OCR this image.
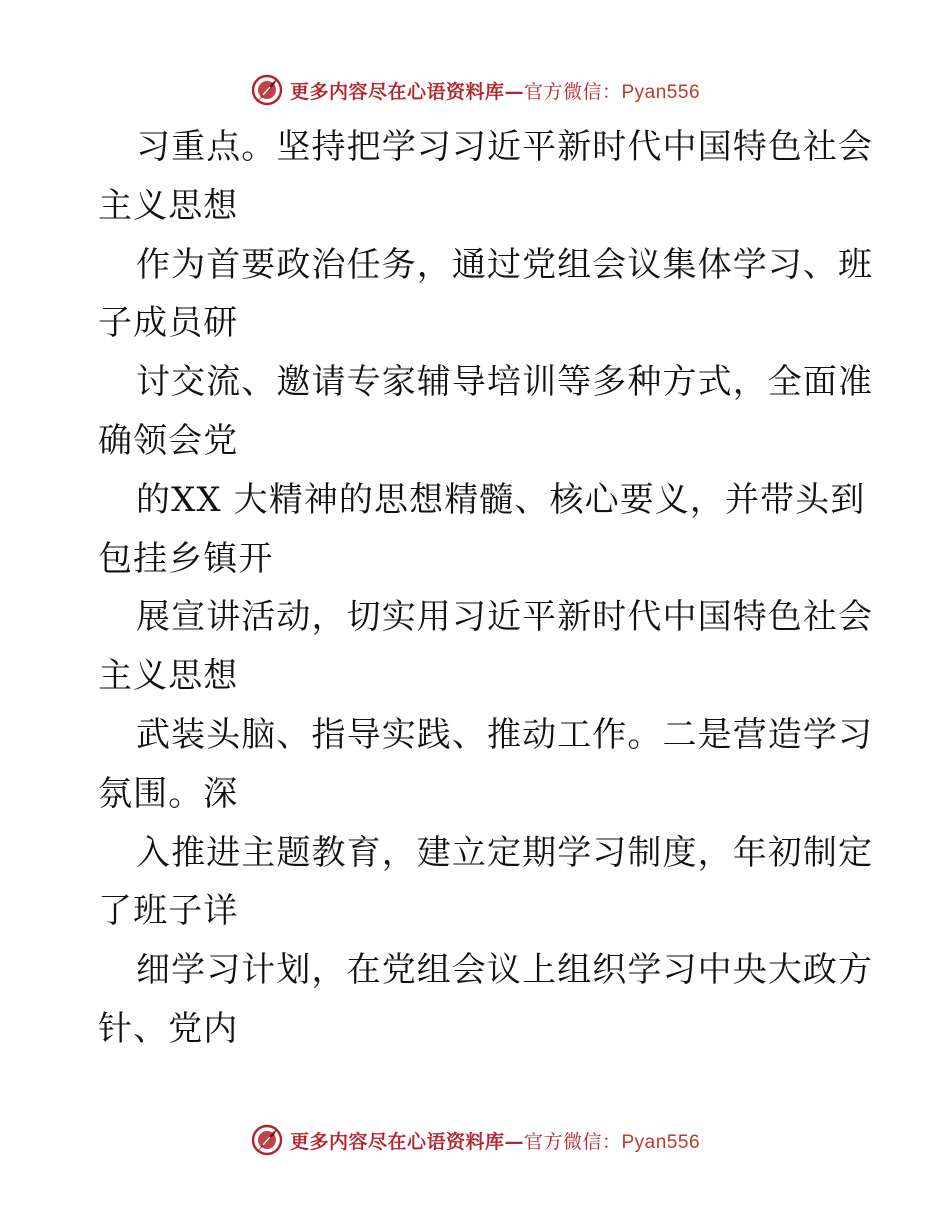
更多内容尽在心语资料库—官方微信：Pyan556
习重点。坚持把学习习近平新时代中国特色社会
主义思想
作为首要政治任务，通过党组会议集体学习、班
子成员研
讨交流、邀请专家辅导培训等多种方式，全面准
确领会党
的XX 大精神的思想精髓、核心要义，并带头到
包挂乡镇开
展宣讲活动，切实用习近平新时代中国特色社会
主义思想
武装头脑、指导实践、推动工作。二是营造学习
氛围。深
入推进主题教育，建立定期学习制度，年初制定
了班子详
细学习计划，在党组会议上组织学习中央大政方
针、党内
更多内容尽在心语资料库—官方微信：Pyan556
